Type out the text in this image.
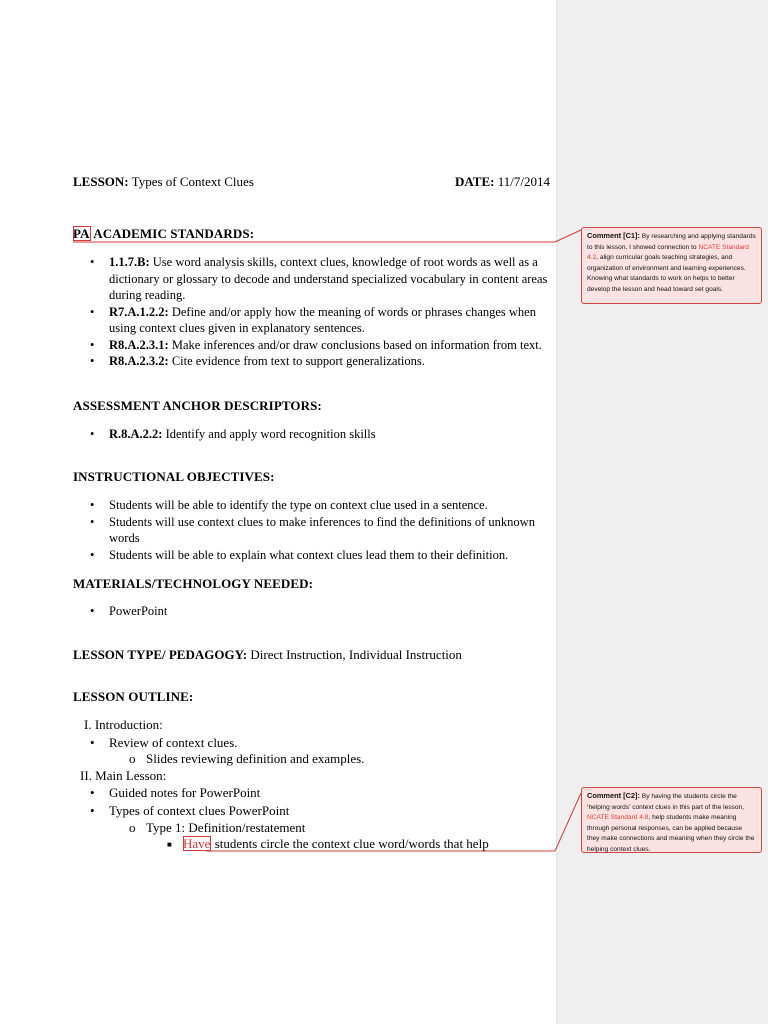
LESSON: Types of Context Clues	DATE: 11/7/2014
PA ACADEMIC STANDARDS:
• 1.1.7.B: Use word analysis skills, context clues, knowledge of root words as well as a dictionary or glossary to decode and understand specialized vocabulary in content areas during reading.
• R7.A.1.2.2: Define and/or apply how the meaning of words or phrases changes when using context clues given in explanatory sentences.
• R8.A.2.3.1: Make inferences and/or draw conclusions based on information from text.
• R8.A.2.3.2: Cite evidence from text to support generalizations.
ASSESSMENT ANCHOR DESCRIPTORS:
• R.8.A.2.2: Identify and apply word recognition skills
INSTRUCTIONAL OBJECTIVES:
• Students will be able to identify the type on context clue used in a sentence.
• Students will use context clues to make inferences to find the definitions of unknown words
• Students will be able to explain what context clues lead them to their definition.
MATERIALS/TECHNOLOGY NEEDED:
• PowerPoint
LESSON TYPE/ PEDAGOGY: Direct Instruction, Individual Instruction
LESSON OUTLINE:
I. Introduction:
• Review of context clues.
o Slides reviewing definition and examples.
II. Main Lesson:
• Guided notes for PowerPoint
• Types of context clues PowerPoint
o Type 1: Definition/restatement
■ Have students circle the context clue word/words that help
Comment [C1]: By researching and applying standards to this lesson, I showed connection to NCATE Standard 4.2, align curricular goals teaching strategies, and organization of environment and learning experiences. Knowing what standards to work on helps to better develop the lesson and head toward set goals.
Comment [C2]: By having the students circle the ‘helping words’ context clues in this part of the lesson, NCATE Standard 4.8, help students make meaning through personal responses, can be applied because they make connections and meaning when they circle the helping context clues.
